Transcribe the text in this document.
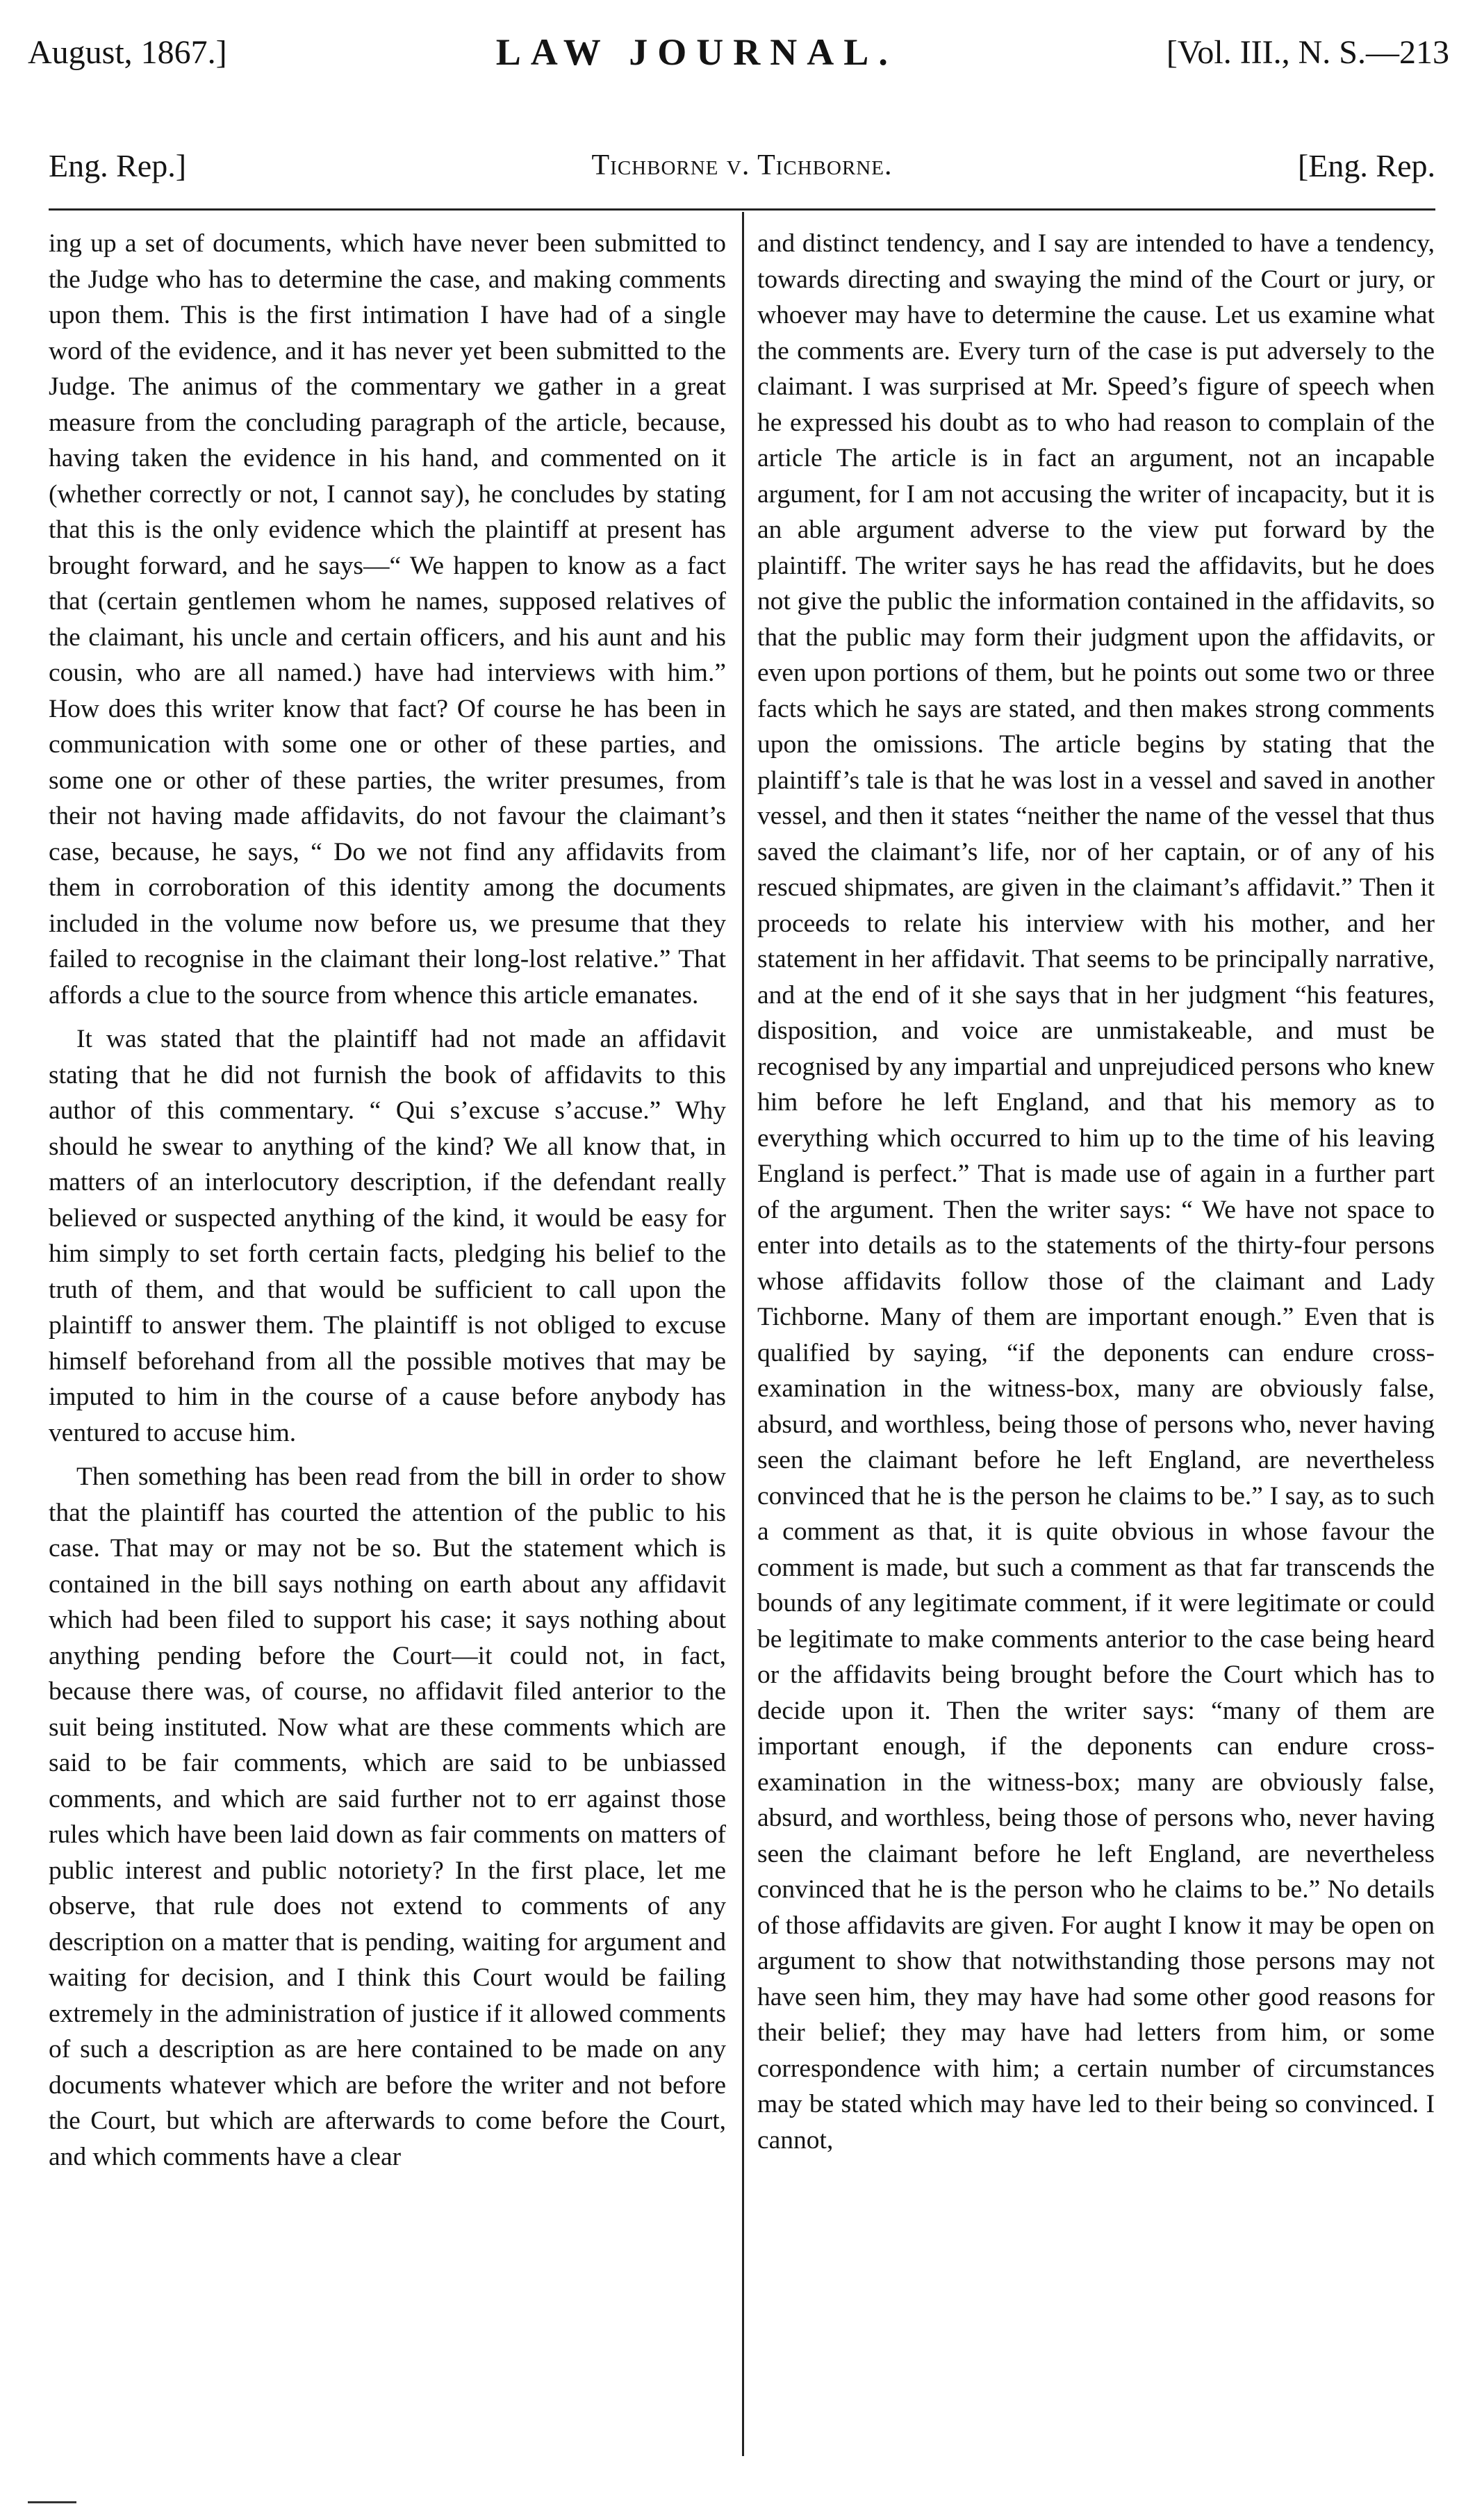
August, 1867.]	LAW JOURNAL.	[Vol. III., N. S.—213
Eng. Rep.]	Tichborne v. Tichborne.	[Eng. Rep.

ing up a set of documents, which have never been submitted to the Judge who has to determine the case, and making comments upon them. This is the first intimation I have had of a single word of the evidence, and it has never yet been submitted to the Judge. The animus of the commentary we gather in a great measure from the concluding paragraph of the article, because, having taken the evidence in his hand, and commented on it (whether correctly or not, I cannot say), he concludes by stating that this is the only evidence which the plaintiff at present has brought forward, and he says—“ We happen to know as a fact that (certain gentlemen whom he names, supposed relatives of the claimant, his uncle and certain officers, and his aunt and his cousin, who are all named.) have had interviews with him.” How does this writer know that fact? Of course he has been in communication with some one or other of these parties, and some one or other of these parties, the writer presumes, from their not having made affidavits, do not favour the claimant’s case, because, he says, “ Do we not find any affidavits from them in corroboration of this identity among the documents included in the volume now before us, we presume that they failed to recognise in the claimant their long-lost relative.” That affords a clue to the source from whence this article emanates.

It was stated that the plaintiff had not made an affidavit stating that he did not furnish the book of affidavits to this author of this commentary. “ Qui s’excuse s’accuse.” Why should he swear to anything of the kind? We all know that, in matters of an interlocutory description, if the defendant really believed or suspected anything of the kind, it would be easy for him simply to set forth certain facts, pledging his belief to the truth of them, and that would be sufficient to call upon the plaintiff to answer them. The plaintiff is not obliged to excuse himself beforehand from all the possible motives that may be imputed to him in the course of a cause before anybody has ventured to accuse him.

Then something has been read from the bill in order to show that the plaintiff has courted the attention of the public to his case. That may or may not be so. But the statement which is contained in the bill says nothing on earth about any affidavit which had been filed to support his case; it says nothing about anything pending before the Court—it could not, in fact, because there was, of course, no affidavit filed anterior to the suit being instituted. Now what are these comments which are said to be fair comments, which are said to be unbiassed comments, and which are said further not to err against those rules which have been laid down as fair comments on matters of public interest and public notoriety? In the first place, let me observe, that rule does not extend to comments of any description on a matter that is pending, waiting for argument and waiting for decision, and I think this Court would be failing extremely in the administration of justice if it allowed comments of such a description as are here contained to be made on any documents whatever which are before the writer and not before the Court, but which are afterwards to come before the Court, and which comments have a clear

and distinct tendency, and I say are intended to have a tendency, towards directing and swaying the mind of the Court or jury, or whoever may have to determine the cause. Let us examine what the comments are. Every turn of the case is put adversely to the claimant. I was surprised at Mr. Speed’s figure of speech when he expressed his doubt as to who had reason to complain of the article The article is in fact an argument, not an incapable argument, for I am not accusing the writer of incapacity, but it is an able argument adverse to the view put forward by the plaintiff. The writer says he has read the affidavits, but he does not give the public the information contained in the affidavits, so that the public may form their judgment upon the affidavits, or even upon portions of them, but he points out some two or three facts which he says are stated, and then makes strong comments upon the omissions. The article begins by stating that the plaintiff’s tale is that he was lost in a vessel and saved in another vessel, and then it states “neither the name of the vessel that thus saved the claimant’s life, nor of her captain, or of any of his rescued shipmates, are given in the claimant’s affidavit.” Then it proceeds to relate his interview with his mother, and her statement in her affidavit. That seems to be principally narrative, and at the end of it she says that in her judgment “his features, disposition, and voice are unmistakeable, and must be recognised by any impartial and unprejudiced persons who knew him before he left England, and that his memory as to everything which occurred to him up to the time of his leaving England is perfect.” That is made use of again in a further part of the argument. Then the writer says: “ We have not space to enter into details as to the statements of the thirty-four persons whose affidavits follow those of the claimant and Lady Tichborne. Many of them are important enough.” Even that is qualified by saying, “if the deponents can endure cross-examination in the witness-box, many are obviously false, absurd, and worthless, being those of persons who, never having seen the claimant before he left England, are nevertheless convinced that he is the person he claims to be.” I say, as to such a comment as that, it is quite obvious in whose favour the comment is made, but such a comment as that far transcends the bounds of any legitimate comment, if it were legitimate or could be legitimate to make comments anterior to the case being heard or the affidavits being brought before the Court which has to decide upon it. Then the writer says: “many of them are important enough, if the deponents can endure cross-examination in the witness-box; many are obviously false, absurd, and worthless, being those of persons who, never having seen the claimant before he left England, are nevertheless convinced that he is the person who he claims to be.” No details of those affidavits are given. For aught I know it may be open on argument to show that notwithstanding those persons may not have seen him, they may have had some other good reasons for their belief; they may have had letters from him, or some correspondence with him; a certain number of circumstances may be stated which may have led to their being so convinced. I cannot,
